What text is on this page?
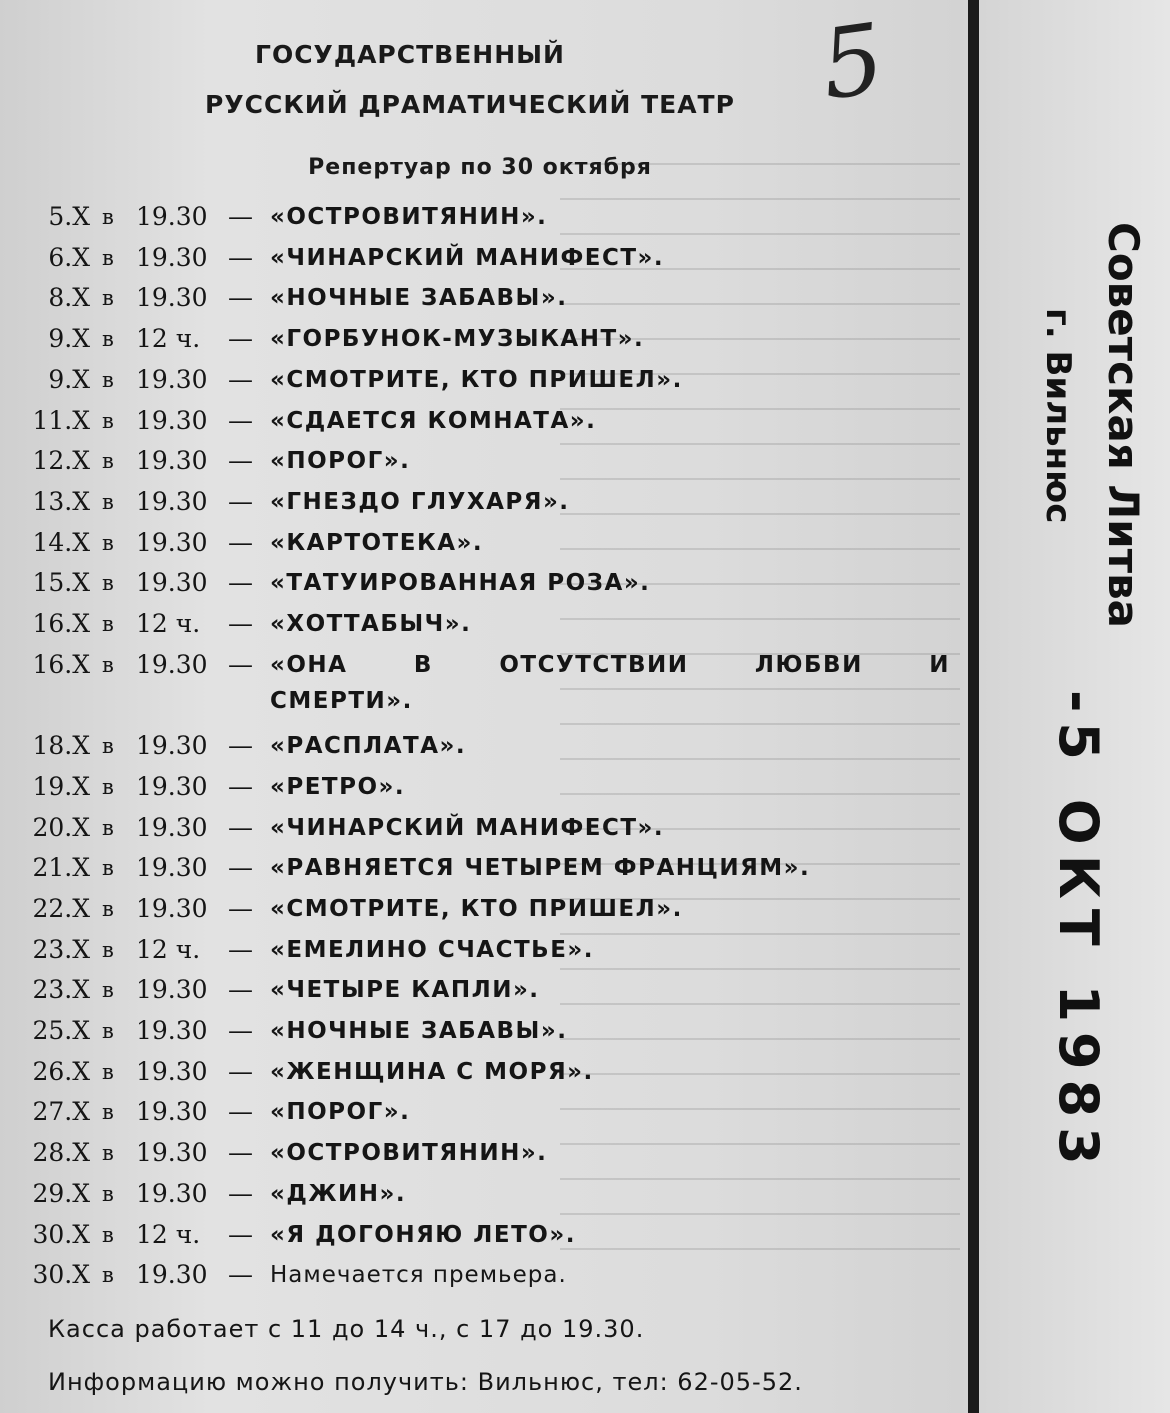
ГОСУДАРСТВЕННЫЙ
РУССКИЙ ДРАМАТИЧЕСКИЙ ТЕАТР
Репертуар по 30 октября
5
5.X в 19.30 — «ОСТРОВИТЯНИН».
6.X в 19.30 — «ЧИНАРСКИЙ МАНИФЕСТ».
8.X в 19.30 — «НОЧНЫЕ ЗАБАВЫ».
9.X в 12 ч. — «ГОРБУНОК-МУЗЫКАНТ».
9.X в 19.30 — «СМОТРИТЕ, КТО ПРИШЕЛ».
11.X в 19.30 — «СДАЕТСЯ КОМНАТА».
12.X в 19.30 — «ПОРОГ».
13.X в 19.30 — «ГНЕЗДО ГЛУХАРЯ».
14.X в 19.30 — «КАРТОТЕКА».
15.X в 19.30 — «ТАТУИРОВАННАЯ РОЗА».
16.X в 12 ч. — «ХОТТАБЫЧ».
16.X в 19.30 — «ОНА	В	ОТСУТСТВИИ	ЛЮБВИ	И
СМЕРТИ».
18.X в 19.30 — «РАСПЛАТА».
19.X в 19.30 — «РЕТРО».
20.X в 19.30 — «ЧИНАРСКИЙ МАНИФЕСТ».
21.X в 19.30 — «РАВНЯЕТСЯ ЧЕТЫРЕМ ФРАНЦИЯМ».
22.X в 19.30 — «СМОТРИТЕ, КТО ПРИШЕЛ».
23.X в 12 ч. — «ЕМЕЛИНО СЧАСТЬЕ».
23.X в 19.30 — «ЧЕТЫРЕ КАПЛИ».
25.X в 19.30 — «НОЧНЫЕ ЗАБАВЫ».
26.X в 19.30 — «ЖЕНЩИНА С МОРЯ».
27.X в 19.30 — «ПОРОГ».
28.X в 19.30 — «ОСТРОВИТЯНИН».
29.X в 19.30 — «ДЖИН».
30.X в 12 ч. — «Я ДОГОНЯЮ ЛЕТО».
30.X в 19.30 — Намечается премьера.
Касса работает с 11 до 14 ч., с 17 до 19.30.
Информацию можно получить: Вильнюс, тел: 62-05-52.
Советская Литва
г. Вильнюс
-5 ОКТ 1983
